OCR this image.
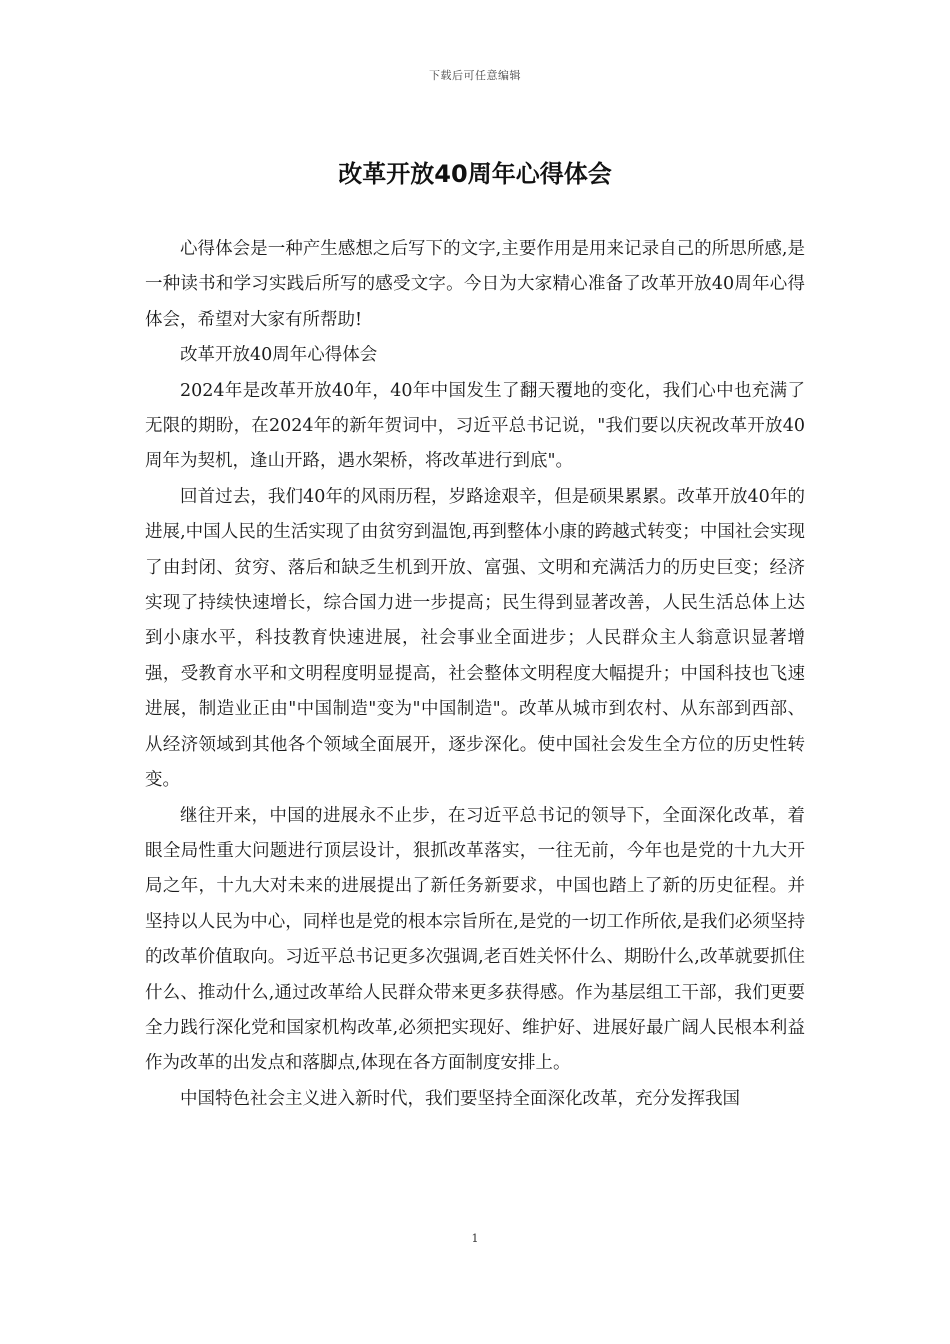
下载后可任意编辑
改革开放40周年心得体会

心得体会是一种产生感想之后写下的文字,主要作用是用来记录自己的所思所感,是一种读书和学习实践后所写的感受文字。今日为大家精心准备了改革开放40周年心得体会，希望对大家有所帮助!

改革开放40周年心得体会

2024年是改革开放40年，40年中国发生了翻天覆地的变化，我们心中也充满了无限的期盼，在2024年的新年贺词中，习近平总书记说，"我们要以庆祝改革开放40周年为契机，逢山开路，遇水架桥，将改革进行到底"。

回首过去，我们40年的风雨历程，岁路途艰辛，但是硕果累累。改革开放40年的进展,中国人民的生活实现了由贫穷到温饱,再到整体小康的跨越式转变；中国社会实现了由封闭、贫穷、落后和缺乏生机到开放、富强、文明和充满活力的历史巨变；经济实现了持续快速增长，综合国力进一步提高；民生得到显著改善，人民生活总体上达到小康水平，科技教育快速进展，社会事业全面进步；人民群众主人翁意识显著增强，受教育水平和文明程度明显提高，社会整体文明程度大幅提升；中国科技也飞速进展，制造业正由"中国制造"变为"中国制造"。改革从城市到农村、从东部到西部、从经济领域到其他各个领域全面展开，逐步深化。使中国社会发生全方位的历史性转变。

继往开来，中国的进展永不止步，在习近平总书记的领导下，全面深化改革，着眼全局性重大问题进行顶层设计，狠抓改革落实，一往无前，今年也是党的十九大开局之年，十九大对未来的进展提出了新任务新要求，中国也踏上了新的历史征程。并坚持以人民为中心，同样也是党的根本宗旨所在,是党的一切工作所依,是我们必须坚持的改革价值取向。习近平总书记更多次强调,老百姓关怀什么、期盼什么,改革就要抓住什么、推动什么,通过改革给人民群众带来更多获得感。作为基层组工干部，我们更要全力践行深化党和国家机构改革,必须把实现好、维护好、进展好最广阔人民根本利益作为改革的出发点和落脚点,体现在各方面制度安排上。

中国特色社会主义进入新时代，我们要坚持全面深化改革，充分发挥我国

1
